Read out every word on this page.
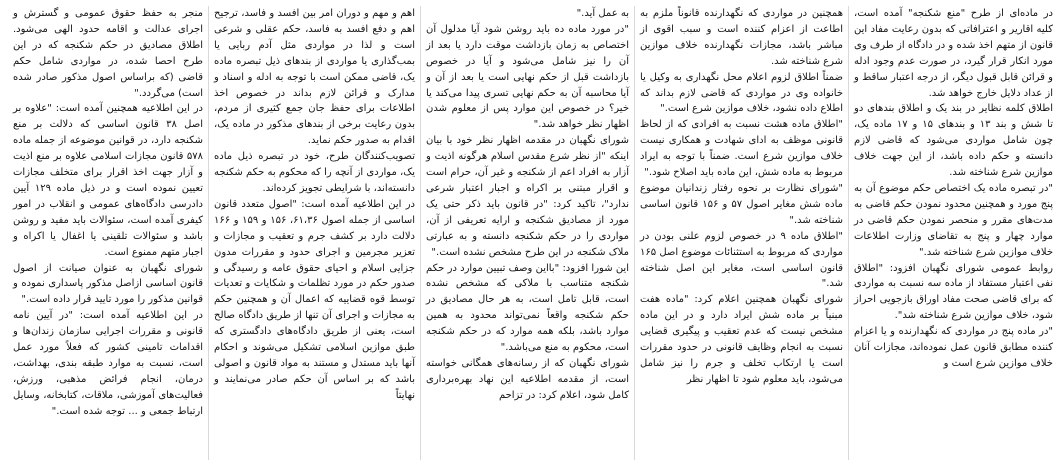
در ماده‌ای از طرح "منع شکنجه" آمده است، کلیه اقاریر و اعترافاتی که بدون رعایت مفاد این قانون از متهم اخذ شده و در دادگاه از طرف وی مورد انکار قرار گیرد، در صورت عدم وجود ادله و قرائن قابل قبول دیگر، از درجه اعتبار ساقط و از عداد دلایل خارج خواهد شد.

اطلاق کلمه نظایر در بند یک و اطلاق بندهای دو تا شش و بند ۱۳ و بندهای ۱۵ و ۱۷ ماده یک، چون شامل مواردی می‌شود که قاضی لازم دانسته و حکم داده باشد، از این جهت خلاف موازین شرع شناخته شد.

"در تبصره ماده یک اختصاص حکم موضوع آن به پنج مورد و همچنین محدود نمودن حکم قاضی به مدت‌های مقرر و منحصر نمودن حکم قاضی در موارد چهار و پنج به تقاضای وزارت اطلاعات خلاف موازین شرع شناخته شد."

روابط عمومی شورای نگهبان افزود: "اطلاق نفی اعتبار مستفاد از ماده سه نسبت به مواردی که برای قاضی صحت مفاد اوراق بازجویی احراز شود، خلاف موازین شرع شناخته شد".

"در ماده پنج در مواردی که نگهدارنده و یا اعزام کننده مطابق قانون عمل نموده‌اند، مجازات آنان خلاف موازین شرع است و

همچنین در مواردی که نگهدارنده قانوناً ملزم به اطاعت از اعزام کننده است و سبب اقوی از مباشر باشد، مجازات نگهدارنده خلاف موازین شرع شناخته شد.

ضمناً اطلاق لزوم اعلام محل نگهداری به وکیل یا خانواده وی در مواردی که قاضی لازم بداند که اطلاع داده نشود، خلاف موازین شرع است."

"اطلاق ماده هشت نسبت به افرادی که از لحاظ قانونی موظف به ادای شهادت و همکاری نیست خلاف موازین شرع است. ضمناً با توجه به ایراد مربوط به ماده شش، این ماده باید اصلاح شود."

"شورای نظارت بر نحوه رفتار زندانیان موضوع ماده شش مغایر اصول ۵۷ و ۱۵۶ قانون اساسی شناخته شد."

"اطلاق ماده ۹ در خصوص لزوم علنی بودن در مواردی که مربوط به استثنائات موضوع اصل ۱۶۵ قانون اساسی است، مغایر این اصل شناخته شد."

شورای نگهبان همچنین اعلام کرد: "ماده هفت مبنیاً بر ماده شش ایراد دارد و در این ماده مشخص نیست که عدم تعقیب و پیگیری قضایی نسبت به انجام وظایف قانونی در حدود مقررات است یا ارتکاب تخلف و جرم را نیز شامل می‌شود، باید معلوم شود تا اظهار نظر

به عمل آید."

"در مورد ماده ده باید روشن شود آیا مدلول آن اختصاص به زمان بازداشت موقت دارد یا بعد از آن را نیز شامل می‌شود و آیا در خصوص بازداشت قبل از حکم نهایی است یا بعد از آن و آیا محاسبه آن به حکم نهایی تسری پیدا می‌کند یا خیر؟ در خصوص این موارد پس از معلوم شدن اظهار نظر خواهد شد."

شورای نگهبان در مقدمه اظهار نظر خود با بیان اینکه "از نظر شرع مقدس اسلام هرگونه اذیت و آزار به افراد اعم از شکنجه و غیر آن، حرام است و اقرار مبتنی بر اکراه و اجبار اعتبار شرعی ندارد"، تاکید کرد: "در قانون باید ذکر حتی یک مورد از مصادیق شکنجه و ارایه تعریفی از آن، مواردی را در حکم شکنجه دانسته و به عبارتی ملاک شکنجه در این طرح مشخص نشده است."

این شورا افزود: "بااین وصف تبیین موارد در حکم شکنجه متناسب با ملاکی که مشخص نشده است، قابل تامل است، به هر حال مصادیق در حکم شکنجه واقعاً نمی‌تواند محدود به همین موارد باشد، بلکه همه موارد که در حکم شکنجه است، محکوم به منع می‌باشد."

شورای نگهبان که از رسانه‌های همگانی خواسته است، از مقدمه اطلاعیه این نهاد بهره‌برداری کامل شود، اعلام کرد: در تزاحم

اهم و مهم و دوران امر بین افسد و فاسد، ترجیح اهم و دفع افسد به فاسد، حکم عقلی و شرعی است و لذا در مواردی مثل آدم ربایی یا بمب‌گذاری یا مواردی از بندهای ذیل تبصره ماده یک، قاضی ممکن است با توجه به ادله و اسناد و مدارک و قرائن لازم بداند در خصوص اخذ اطلاعات برای حفظ جان جمع کثیری از مردم، بدون رعایت برخی از بندهای مذکور در ماده یک، اقدام به صدور حکم نماید.

تصویب‌کنندگان طرح، خود در تبصره ذیل ماده یک، مواردی از آنچه را که محکوم به حکم شکنجه دانسته‌اند، با شرایطی تجویز کرده‌اند.

در این اطلاعیه آمده است: "اصول متعدد قانون اساسی از جمله اصول ۶۱،۳۶، ۱۵۶ و ۱۵۹ و ۱۶۶ دلالت دارد بر کشف جرم و تعقیب و مجازات و تعزیر مجرمین و اجرای حدود و مقررات مدون جزایی اسلام و احیای حقوق عامه و رسیدگی و صدور حکم در مورد تظلمات و شکایات و تعدیات توسط قوه قضاییه که اعمال آن و همچنین حکم به مجازات و اجرای آن تنها از طریق دادگاه صالح است، یعنی از طریق دادگاه‌های دادگستری که طبق موازین اسلامی تشکیل می‌شوند و احکام آنها باید مستدل و مستند به مواد قانون و اصولی باشد که بر اساس آن حکم صادر می‌نمایند و نهایتاً

منجر به حفظ حقوق عمومی و گسترش و اجرای عدالت و اقامه حدود الهی می‌شود. اطلاق مصادیق در حکم شکنجه که در این طرح احصا شده، در مواردی شامل حکم قاضی (که براساس اصول مذکور صادر شده است) می‌گردد."

در این اطلاعیه همچنین آمده است: "علاوه بر اصل ۳۸ قانون اساسی که دلالت بر منع شکنجه دارد، در قوانین موضوعه از جمله ماده ۵۷۸ قانون مجازات اسلامی علاوه بر منع اذیت و آزار جهت اخذ اقرار برای متخلف مجازات تعیین نموده است و در ذیل ماده ۱۲۹ آیین دادرسی دادگاه‌های عمومی و انقلاب در امور کیفری آمده است، سئوالات باید مفید و روشن باشد و سئوالات تلقینی یا اغفال یا اکراه و اجبار متهم ممنوع است.

شورای نگهبان به عنوان صیانت از اصول قانون اساسی ازاصل مذکور پاسداری نموده و قوانین مذکور را مورد تایید قرار داده است."

در این اطلاعیه آمده است: "در آیین نامه قانونی و مقررات اجرایی سازمان زندان‌ها و اقدامات تامینی کشور که فعلاً مورد عمل است، نسبت به موارد طبقه بندی، بهداشت، درمان، انجام فرائض مذهبی، ورزش، فعالیت‌های آموزشی، ملاقات، کتابخانه، وسایل ارتباط جمعی و ... توجه شده است."
